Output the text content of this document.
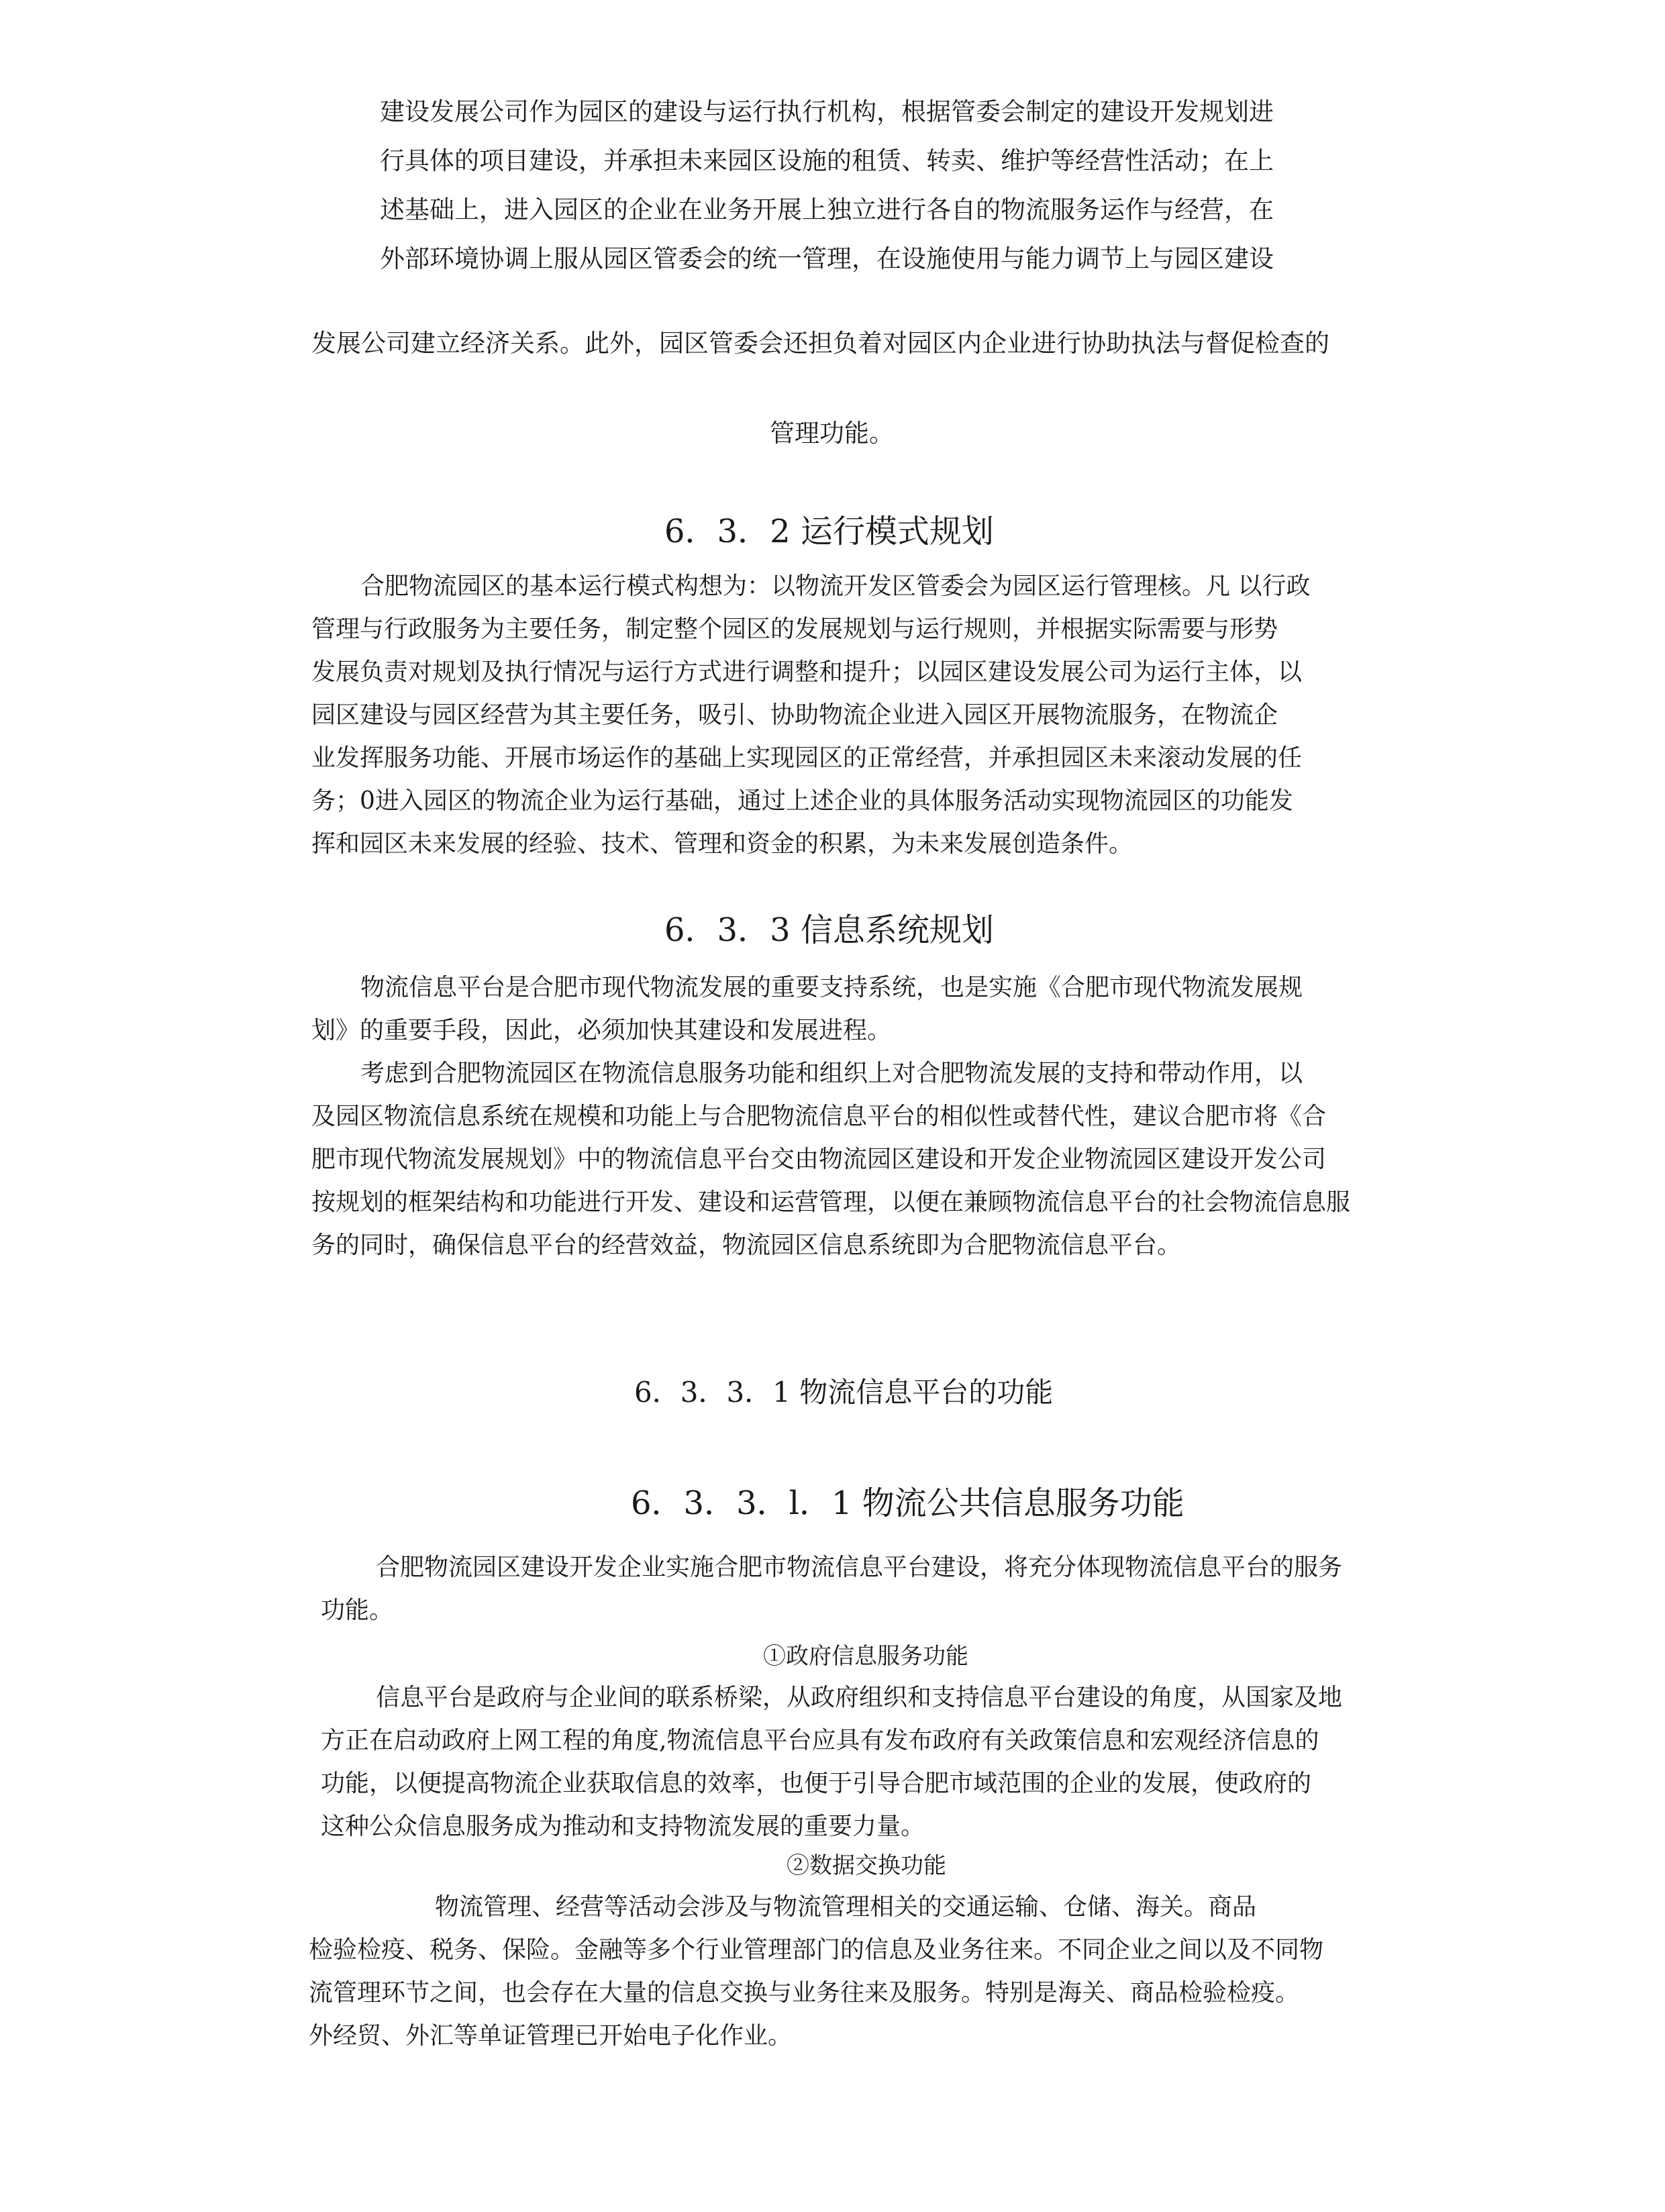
建设发展公司作为园区的建设与运行执行机构，根据管委会制定的建设开发规划进
行具体的项目建设，并承担未来园区设施的租赁、转卖、维护等经营性活动；在上
述基础上，进入园区的企业在业务开展上独立进行各自的物流服务运作与经营，在
外部环境协调上服从园区管委会的统一管理，在设施使用与能力调节上与园区建设
发展公司建立经济关系。此外，园区管委会还担负着对园区内企业进行协助执法与督促检查的
管理功能。
6．3．2 运行模式规划
合肥物流园区的基本运行模式构想为：以物流开发区管委会为园区运行管理核。凡 以行政
管理与行政服务为主要任务，制定整个园区的发展规划与运行规则，并根据实际需要与形势
发展负责对规划及执行情况与运行方式进行调整和提升；以园区建设发展公司为运行主体，以
园区建设与园区经营为其主要任务，吸引、协助物流企业进入园区开展物流服务，在物流企
业发挥服务功能、开展市场运作的基础上实现园区的正常经营，并承担园区未来滚动发展的任
务；0进入园区的物流企业为运行基础，通过上述企业的具体服务活动实现物流园区的功能发
挥和园区未来发展的经验、技术、管理和资金的积累，为未来发展创造条件。
6．3．3 信息系统规划
物流信息平台是合肥市现代物流发展的重要支持系统，也是实施《合肥市现代物流发展规
划》的重要手段，因此，必须加快其建设和发展进程。
考虑到合肥物流园区在物流信息服务功能和组织上对合肥物流发展的支持和带动作用，以
及园区物流信息系统在规模和功能上与合肥物流信息平台的相似性或替代性，建议合肥市将《合
肥市现代物流发展规划》中的物流信息平台交由物流园区建设和开发企业物流园区建设开发公司
按规划的框架结构和功能进行开发、建设和运营管理，以便在兼顾物流信息平台的社会物流信息服
务的同时，确保信息平台的经营效益，物流园区信息系统即为合肥物流信息平台。
6．3．3．1 物流信息平台的功能
6．3．3．l．1 物流公共信息服务功能
合肥物流园区建设开发企业实施合肥市物流信息平台建设，将充分体现物流信息平台的服务
功能。
①政府信息服务功能
信息平台是政府与企业间的联系桥梁，从政府组织和支持信息平台建设的角度，从国家及地
方正在启动政府上网工程的角度,物流信息平台应具有发布政府有关政策信息和宏观经济信息的
功能，以便提高物流企业获取信息的效率，也便于引导合肥市域范围的企业的发展，使政府的
这种公众信息服务成为推动和支持物流发展的重要力量。
②数据交换功能
物流管理、经营等活动会涉及与物流管理相关的交通运输、仓储、海关。商品
检验检疫、税务、保险。金融等多个行业管理部门的信息及业务往来。不同企业之间以及不同物
流管理环节之间，也会存在大量的信息交换与业务往来及服务。特别是海关、商品检验检疫。
外经贸、外汇等单证管理已开始电子化作业。
